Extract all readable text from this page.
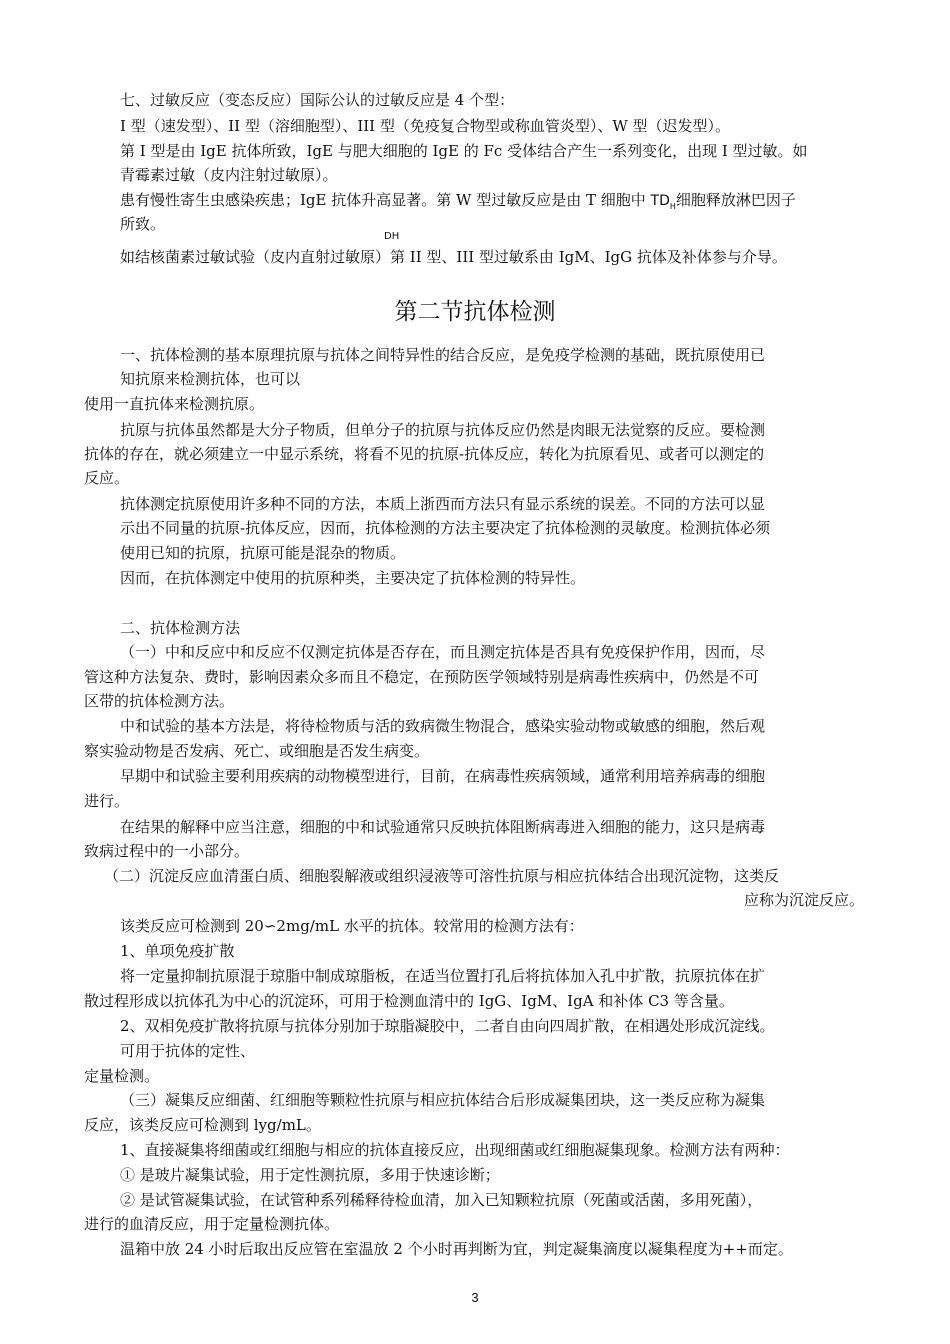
七、过敏反应（变态反应）国际公认的过敏反应是 4 个型：
I 型（速发型）、II 型（溶细胞型）、III 型（免疫复合物型或称血管炎型）、W 型（迟发型）。
第 I 型是由 IgE 抗体所致，IgE 与肥大细胞的 IgE 的 Fc 受体结合产生一系列变化，出现 I 型过敏。如
青霉素过敏（皮内注射过敏原）。
患有慢性寄生虫感染疾患；IgE 抗体升高显著。第 W 型过敏反应是由 T 细胞中 $TD_H$细胞释放淋巴因子
所致。
DH
如结核菌素过敏试验（皮内直射过敏原）第 II 型、III 型过敏系由 IgM、IgG 抗体及补体参与介导。
第二节抗体检测
一、抗体检测的基本原理抗原与抗体之间特异性的结合反应，是免疫学检测的基础，既抗原使用已
知抗原来检测抗体，也可以
使用一直抗体来检测抗原。
抗原与抗体虽然都是大分子物质，但单分子的抗原与抗体反应仍然是肉眼无法觉察的反应。要检测
抗体的存在，就必须建立一中显示系统，将看不见的抗原-抗体反应，转化为抗原看见、或者可以测定的
反应。
抗体测定抗原使用许多种不同的方法，本质上浙西而方法只有显示系统的误差。不同的方法可以显
示出不同量的抗原-抗体反应，因而，抗体检测的方法主要决定了抗体检测的灵敏度。检测抗体必须
使用已知的抗原，抗原可能是混杂的物质。
因而，在抗体测定中使用的抗原种类，主要决定了抗体检测的特异性。
二、抗体检测方法
（一）中和反应中和反应不仅测定抗体是否存在，而且测定抗体是否具有免疫保护作用，因而，尽
管这种方法复杂、费时，影响因素众多而且不稳定，在预防医学领域特别是病毒性疾病中，仍然是不可
区带的抗体检测方法。
中和试验的基本方法是，将待检物质与活的致病微生物混合，感染实验动物或敏感的细胞，然后观
察实验动物是否发病、死亡、或细胞是否发生病变。
早期中和试验主要利用疾病的动物模型进行，目前，在病毒性疾病领域，通常利用培养病毒的细胞
进行。
在结果的解释中应当注意，细胞的中和试验通常只反映抗体阻断病毒进入细胞的能力，这只是病毒
致病过程中的一小部分。
（二）沉淀反应血清蛋白质、细胞裂解液或组织浸液等可溶性抗原与相应抗体结合出现沉淀物，这类反
应称为沉淀反应。
该类反应可检测到 20∽2mg/mL 水平的抗体。较常用的检测方法有：
1、单项免疫扩散
将一定量抑制抗原混于琼脂中制成琼脂板，在适当位置打孔后将抗体加入孔中扩散，抗原抗体在扩
散过程形成以抗体孔为中心的沉淀环，可用于检测血清中的 IgG、IgM、IgA 和补体 C3 等含量。
2、双相免疫扩散将抗原与抗体分别加于琼脂凝胶中，二者自由向四周扩散，在相遇处形成沉淀线。
可用于抗体的定性、
定量检测。
（三）凝集反应细菌、红细胞等颗粒性抗原与相应抗体结合后形成凝集团块，这一类反应称为凝集
反应，该类反应可检测到 lyg/mL。
1、直接凝集将细菌或红细胞与相应的抗体直接反应，出现细菌或红细胞凝集现象。检测方法有两种：
① 是玻片凝集试验，用于定性测抗原，多用于快速诊断；
② 是试管凝集试验，在试管种系列稀释待检血清，加入已知颗粒抗原（死菌或活菌，多用死菌），
进行的血清反应，用于定量检测抗体。
温箱中放 24 小时后取出反应管在室温放 2 个小时再判断为宜，判定凝集滴度以凝集程度为++而定。
3
